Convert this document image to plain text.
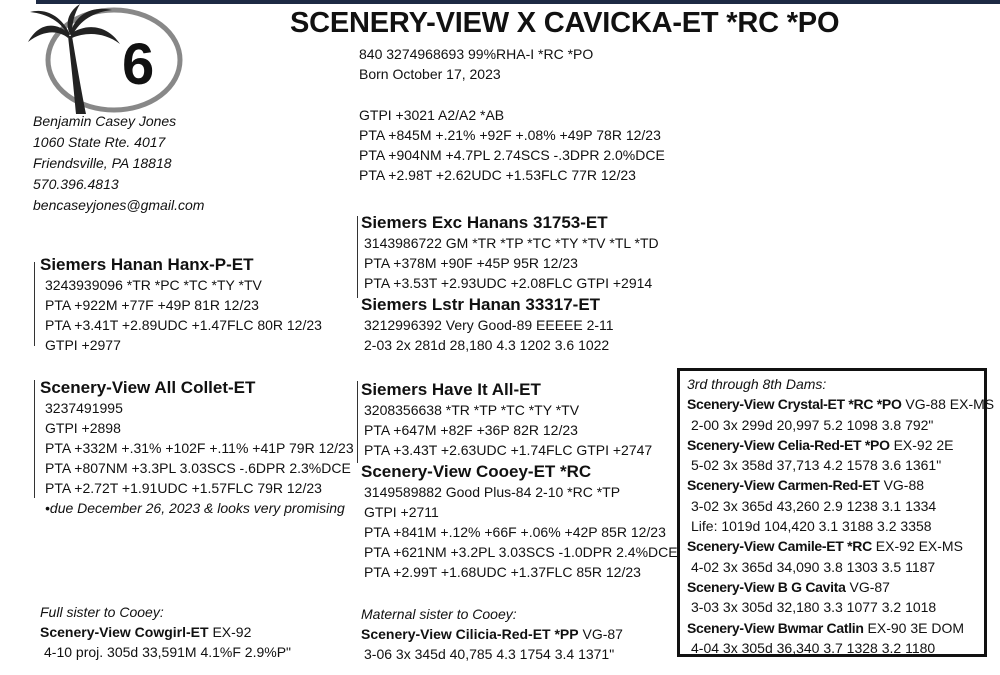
6
SCENERY-VIEW X CAVICKA-ET *RC *PO
840 3274968693 99%RHA-I *RC *PO
Born October 17, 2023
GTPI +3021 A2/A2 *AB
PTA +845M +.21% +92F +.08% +49P 78R 12/23
PTA +904NM +4.7PL 2.74SCS -.3DPR 2.0%DCE
PTA +2.98T +2.62UDC +1.53FLC 77R 12/23
Benjamin Casey Jones
1060 State Rte. 4017
Friendsville, PA 18818
570.396.4813
bencaseyjones@gmail.com
Siemers Hanan Hanx-P-ET
3243939096 *TR *PC *TC *TY *TV
PTA +922M +77F +49P 81R 12/23
PTA +3.41T +2.89UDC +1.47FLC 80R 12/23
GTPI +2977
Scenery-View All Collet-ET
3237491995
GTPI +2898
PTA +332M +.31% +102F +.11% +41P 79R 12/23
PTA +807NM +3.3PL 3.03SCS -.6DPR 2.3%DCE
PTA +2.72T +1.91UDC +1.57FLC 79R 12/23
•due December 26, 2023 & looks very promising
Siemers Exc Hanans 31753-ET
3143986722 GM *TR *TP *TC *TY *TV *TL *TD
PTA +378M +90F +45P 95R 12/23
PTA +3.53T +2.93UDC +2.08FLC GTPI +2914
Siemers Lstr Hanan 33317-ET
3212996392 Very Good-89 EEEEE 2-11
2-03 2x 281d 28,180 4.3 1202 3.6 1022
Siemers Have It All-ET
3208356638 *TR *TP *TC *TY *TV
PTA +647M +82F +36P 82R 12/23
PTA +3.43T +2.63UDC +1.74FLC GTPI +2747
Scenery-View Cooey-ET *RC
3149589882 Good Plus-84 2-10 *RC *TP
GTPI +2711
PTA +841M +.12% +66F +.06% +42P 85R 12/23
PTA +621NM +3.2PL 3.03SCS -1.0DPR 2.4%DCE
PTA +2.99T +1.68UDC +1.37FLC 85R 12/23
Full sister to Cooey:
Scenery-View Cowgirl-ET EX-92
4-10 proj. 305d 33,591M 4.1%F 2.9%P"
Maternal sister to Cooey:
Scenery-View Cilicia-Red-ET *PP VG-87
3-06 3x 345d 40,785 4.3 1754 3.4 1371"
3rd through 8th Dams:
Scenery-View Crystal-ET *RC *PO VG-88 EX-MS
2-00 3x 299d 20,997 5.2 1098 3.8 792"
Scenery-View Celia-Red-ET *PO EX-92 2E
5-02 3x 358d 37,713 4.2 1578 3.6 1361"
Scenery-View Carmen-Red-ET VG-88
3-02 3x 365d 43,260 2.9 1238 3.1 1334
Life: 1019d 104,420 3.1 3188 3.2 3358
Scenery-View Camile-ET *RC EX-92 EX-MS
4-02 3x 365d 34,090 3.8 1303 3.5 1187
Scenery-View B G Cavita VG-87
3-03 3x 305d 32,180 3.3 1077 3.2 1018
Scenery-View Bwmar Catlin EX-90 3E DOM
4-04 3x 305d 36,340 3.7 1328 3.2 1180
